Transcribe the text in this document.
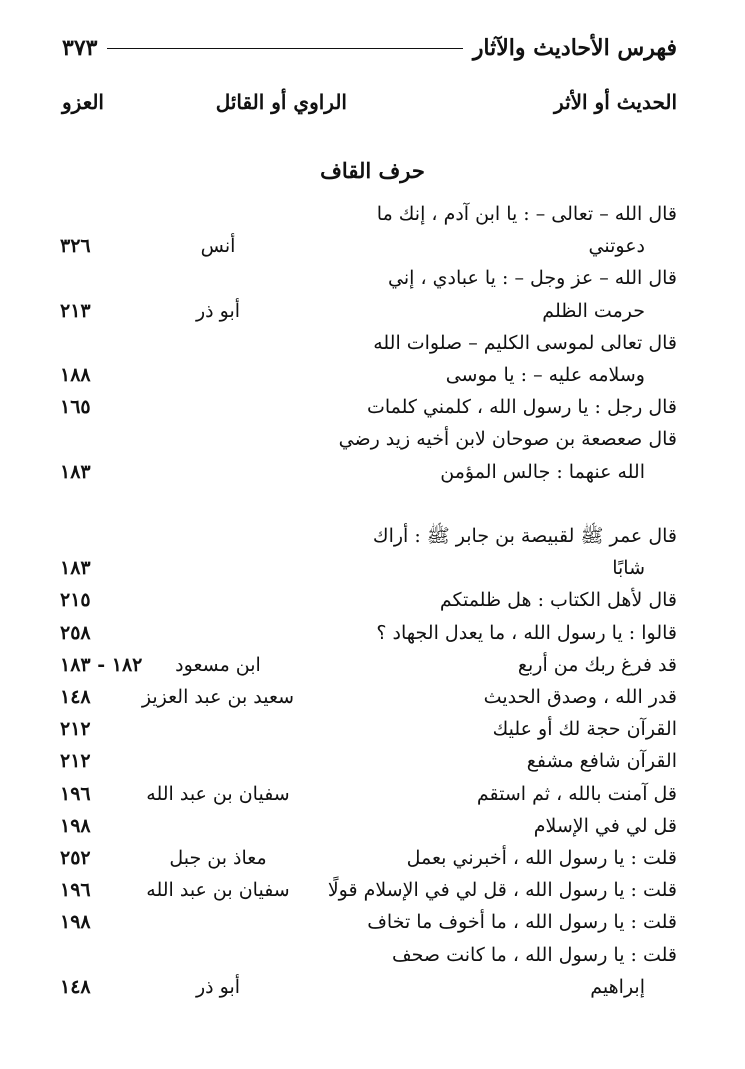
فهرس الأحاديث والآثار
٣٧٣
الحديث أو الأثر
الراوي أو القائل
العزو
حرف القاف
قال الله – تعالى – : يا ابن آدم ، إنك ما
دعوتني
أنس
٣٢٦
قال الله – عز وجل – : يا عبادي ، إني
حرمت الظلم
أبو ذر
٢١٣
قال تعالى لموسى الكليم – صلوات الله
وسلامه عليه – : يا موسى
١٨٨
قال رجل : يا رسول الله ، كلمني كلمات
١٦٥
قال صعصعة بن صوحان لابن أخيه زيد رضي
الله عنهما : جالس المؤمن
١٨٣
قال عمر ﷺ لقبيصة بن جابر ﷺ : أراك
شابًا
١٨٣
قال لأهل الكتاب : هل ظلمتكم
٢١٥
قالوا : يا رسول الله ، ما يعدل الجهاد ؟
٢٥٨
قد فرغ ربك من أربع
ابن مسعود
١٨٢ - ١٨٣
قدر الله ، وصدق الحديث
سعيد بن عبد العزيز
١٤٨
القرآن حجة لك أو عليك
٢١٢
القرآن شافع مشفع
٢١٢
قل آمنت بالله ، ثم استقم
سفيان بن عبد الله
١٩٦
قل لي في الإسلام
١٩٨
قلت : يا رسول الله ، أخبرني بعمل
معاذ بن جبل
٢٥٢
قلت : يا رسول الله ، قل لي في الإسلام قولًا
سفيان بن عبد الله
١٩٦
قلت : يا رسول الله ، ما أخوف ما تخاف
١٩٨
قلت : يا رسول الله ، ما كانت صحف
إبراهيم
أبو ذر
١٤٨
